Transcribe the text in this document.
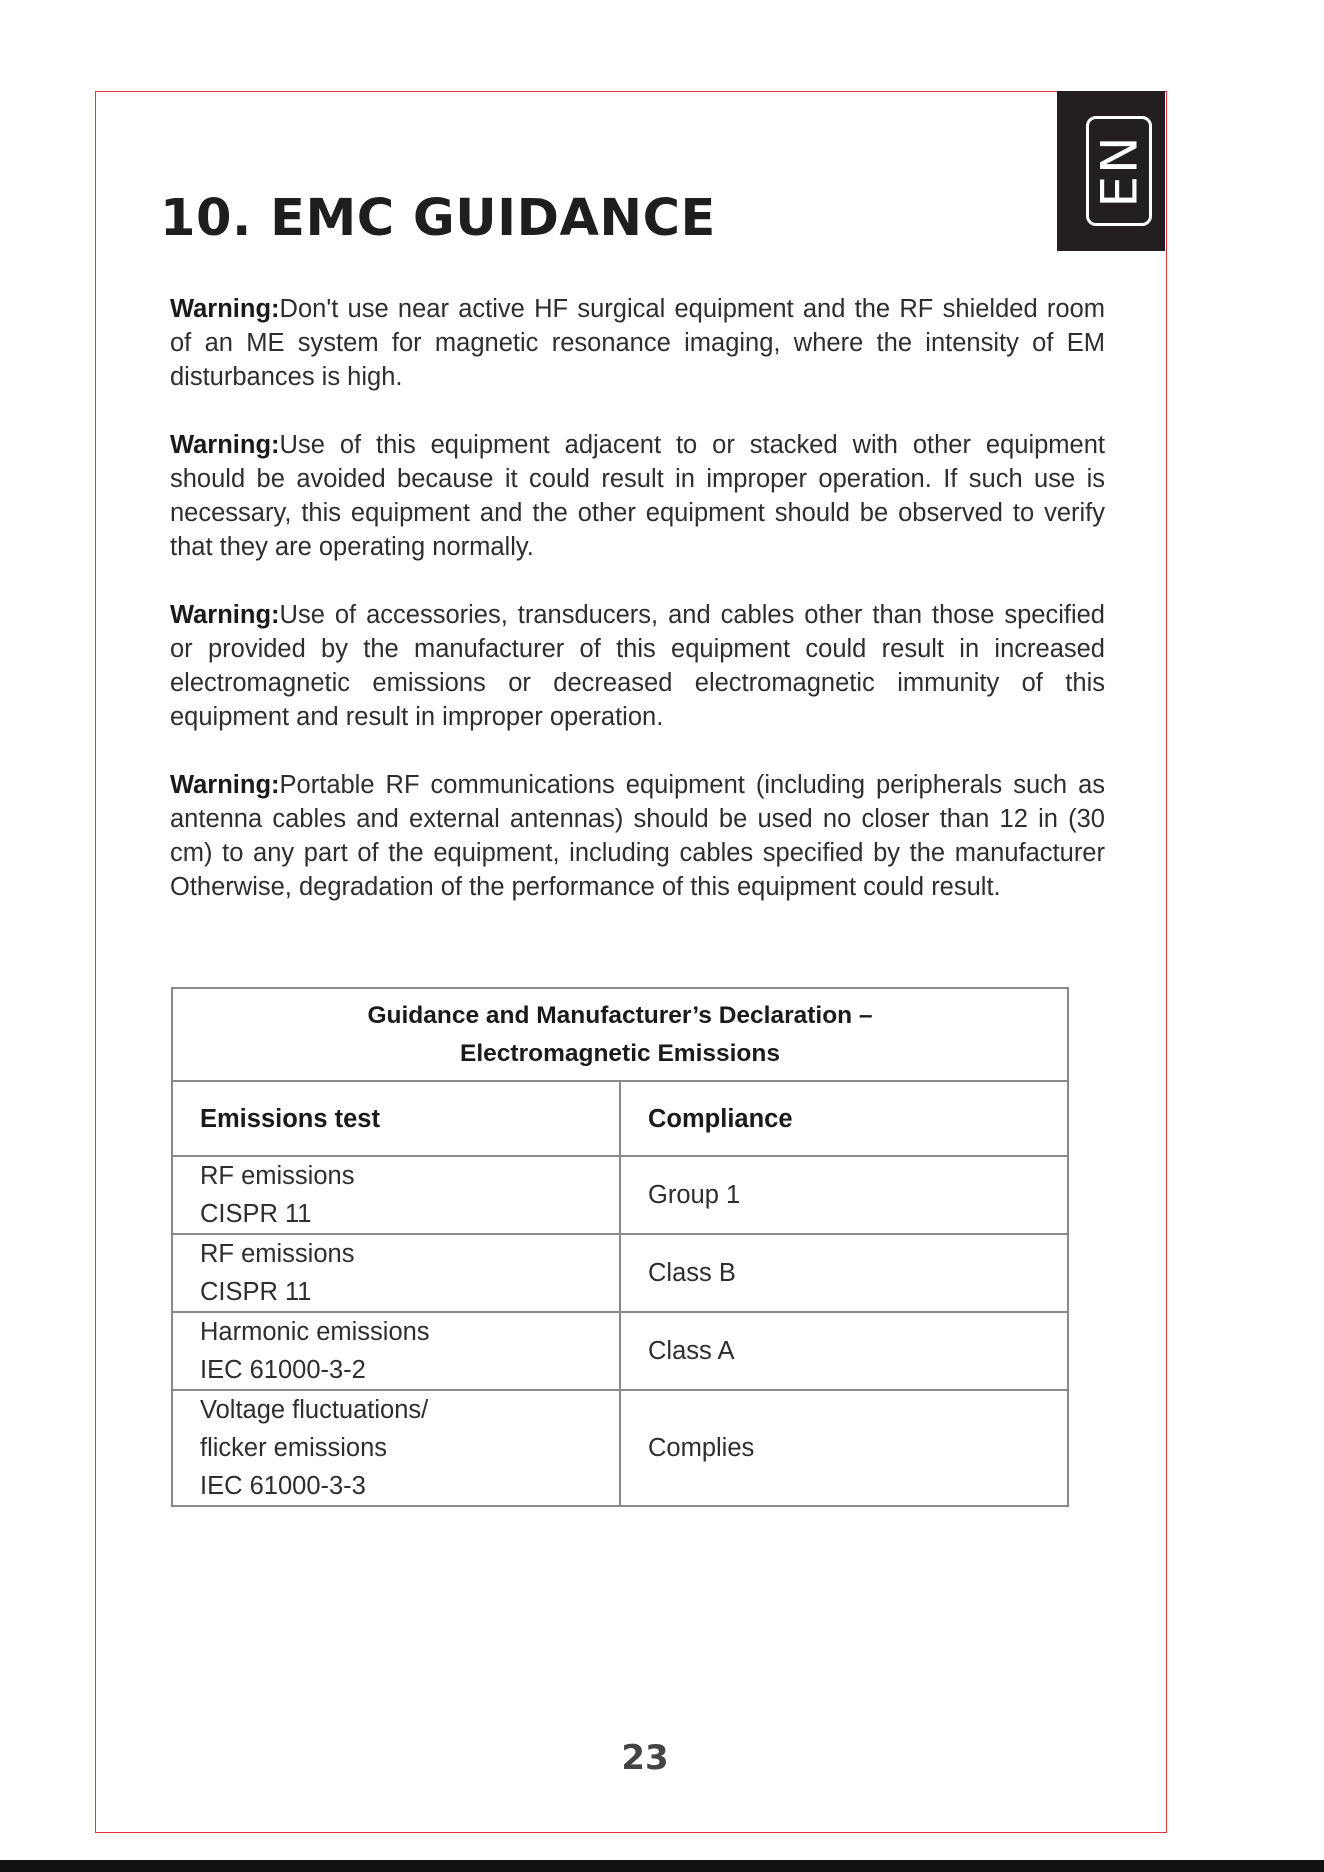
EN
10. EMC GUIDANCE

Warning:Don't use near active HF surgical equipment and the RF shielded room of an ME system for magnetic resonance imaging, where the intensity of EM disturbances is high.

Warning:Use of this equipment adjacent to or stacked with other equipment should be avoided because it could result in improper operation. If such use is necessary, this equipment and the other equipment should be observed to verify that they are operating normally.

Warning:Use of accessories, transducers, and cables other than those specified or provided by the manufacturer of this equipment could result in increased electromagnetic emissions or decreased electromagnetic immunity of this equipment and result in improper operation.

Warning:Portable RF communications equipment (including peripherals such as antenna cables and external antennas) should be used no closer than 12 in (30 cm) to any part of the equipment, including cables specified by the manufacturer Otherwise, degradation of the performance of this equipment could result.

Guidance and Manufacturer’s Declaration –
Electromagnetic Emissions	

Emissions test	Compliance

RF emissions
CISPR 11	Group 1

RF emissions
CISPR 11	Class B

Harmonic emissions
IEC 61000-3-2	Class A

Voltage fluctuations/
flicker emissions
IEC 61000-3-3	Complies
23
